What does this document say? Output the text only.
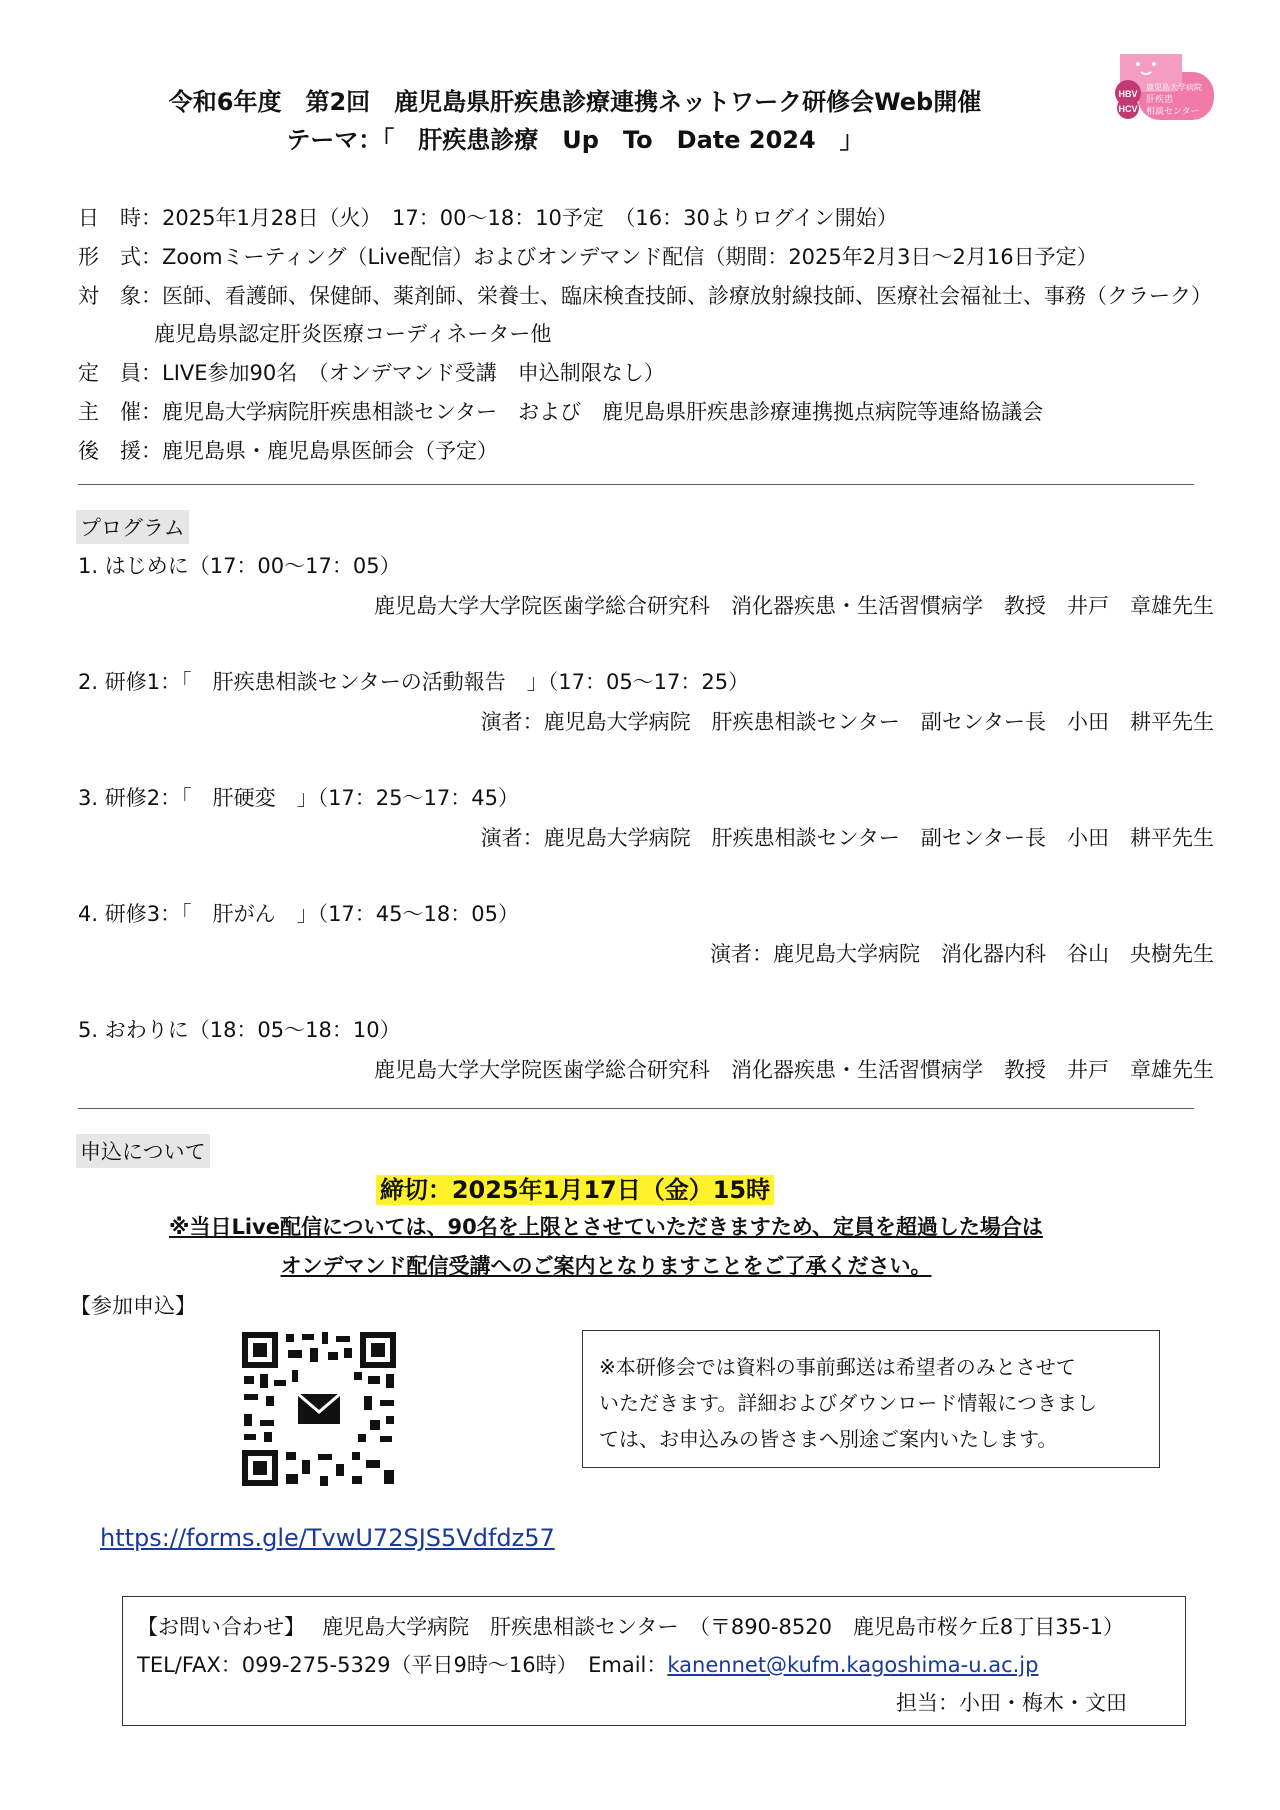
令和6年度　第2回　鹿児島県肝疾患診療連携ネットワーク研修会Web開催
テーマ：「　肝疾患診療　Up　To　Date 2024　」
HBV
HCV
鹿児島大学病院
肝疾患
相談センター
日　時：2025年1月28日（火）　17：00〜18：10予定　（16：30よりログイン開始）
形　式：Zoomミーティング（Live配信）およびオンデマンド配信（期間：2025年2月3日〜2月16日予定）
対　象：医師、看護師、保健師、薬剤師、栄養士、臨床検査技師、診療放射線技師、医療社会福祉士、事務（クラーク）
鹿児島県認定肝炎医療コーディネーター他
定　員：LIVE参加90名　（オンデマンド受講　申込制限なし）
主　催：鹿児島大学病院肝疾患相談センター　および　鹿児島県肝疾患診療連携拠点病院等連絡協議会
後　援：鹿児島県・鹿児島県医師会（予定）
プログラム
1. はじめに（17：00〜17：05）
鹿児島大学大学院医歯学総合研究科　消化器疾患・生活習慣病学　教授　井戸　章雄先生
2. 研修1：「　肝疾患相談センターの活動報告　」（17：05〜17：25）
演者：鹿児島大学病院　肝疾患相談センター　副センター長　小田　耕平先生
3. 研修2：「　肝硬変　」（17：25〜17：45）
演者：鹿児島大学病院　肝疾患相談センター　副センター長　小田　耕平先生
4. 研修3：「　肝がん　」（17：45〜18：05）
演者：鹿児島大学病院　消化器内科　谷山　央樹先生
5. おわりに（18：05〜18：10）
鹿児島大学大学院医歯学総合研究科　消化器疾患・生活習慣病学　教授　井戸　章雄先生
申込について
締切：2025年1月17日（金）15時
※当日Live配信については、90名を上限とさせていただきますため、定員を超過した場合は
オンデマンド配信受講へのご案内となりますことをご了承ください。
【参加申込】
※本研修会では資料の事前郵送は希望者のみとさせて
いただきます。詳細およびダウンロード情報につきまし
ては、お申込みの皆さまへ別途ご案内いたします。
https://forms.gle/TvwU72SJS5Vdfdz57
【お問い合わせ】　 鹿児島大学病院　肝疾患相談センター　（〒890-8520　鹿児島市桜ケ丘8丁目35-1）
TEL/FAX：099-275-5329（平日9時〜16時）　Email：kanennet@kufm.kagoshima-u.ac.jp
担当：小田・梅木・文田
